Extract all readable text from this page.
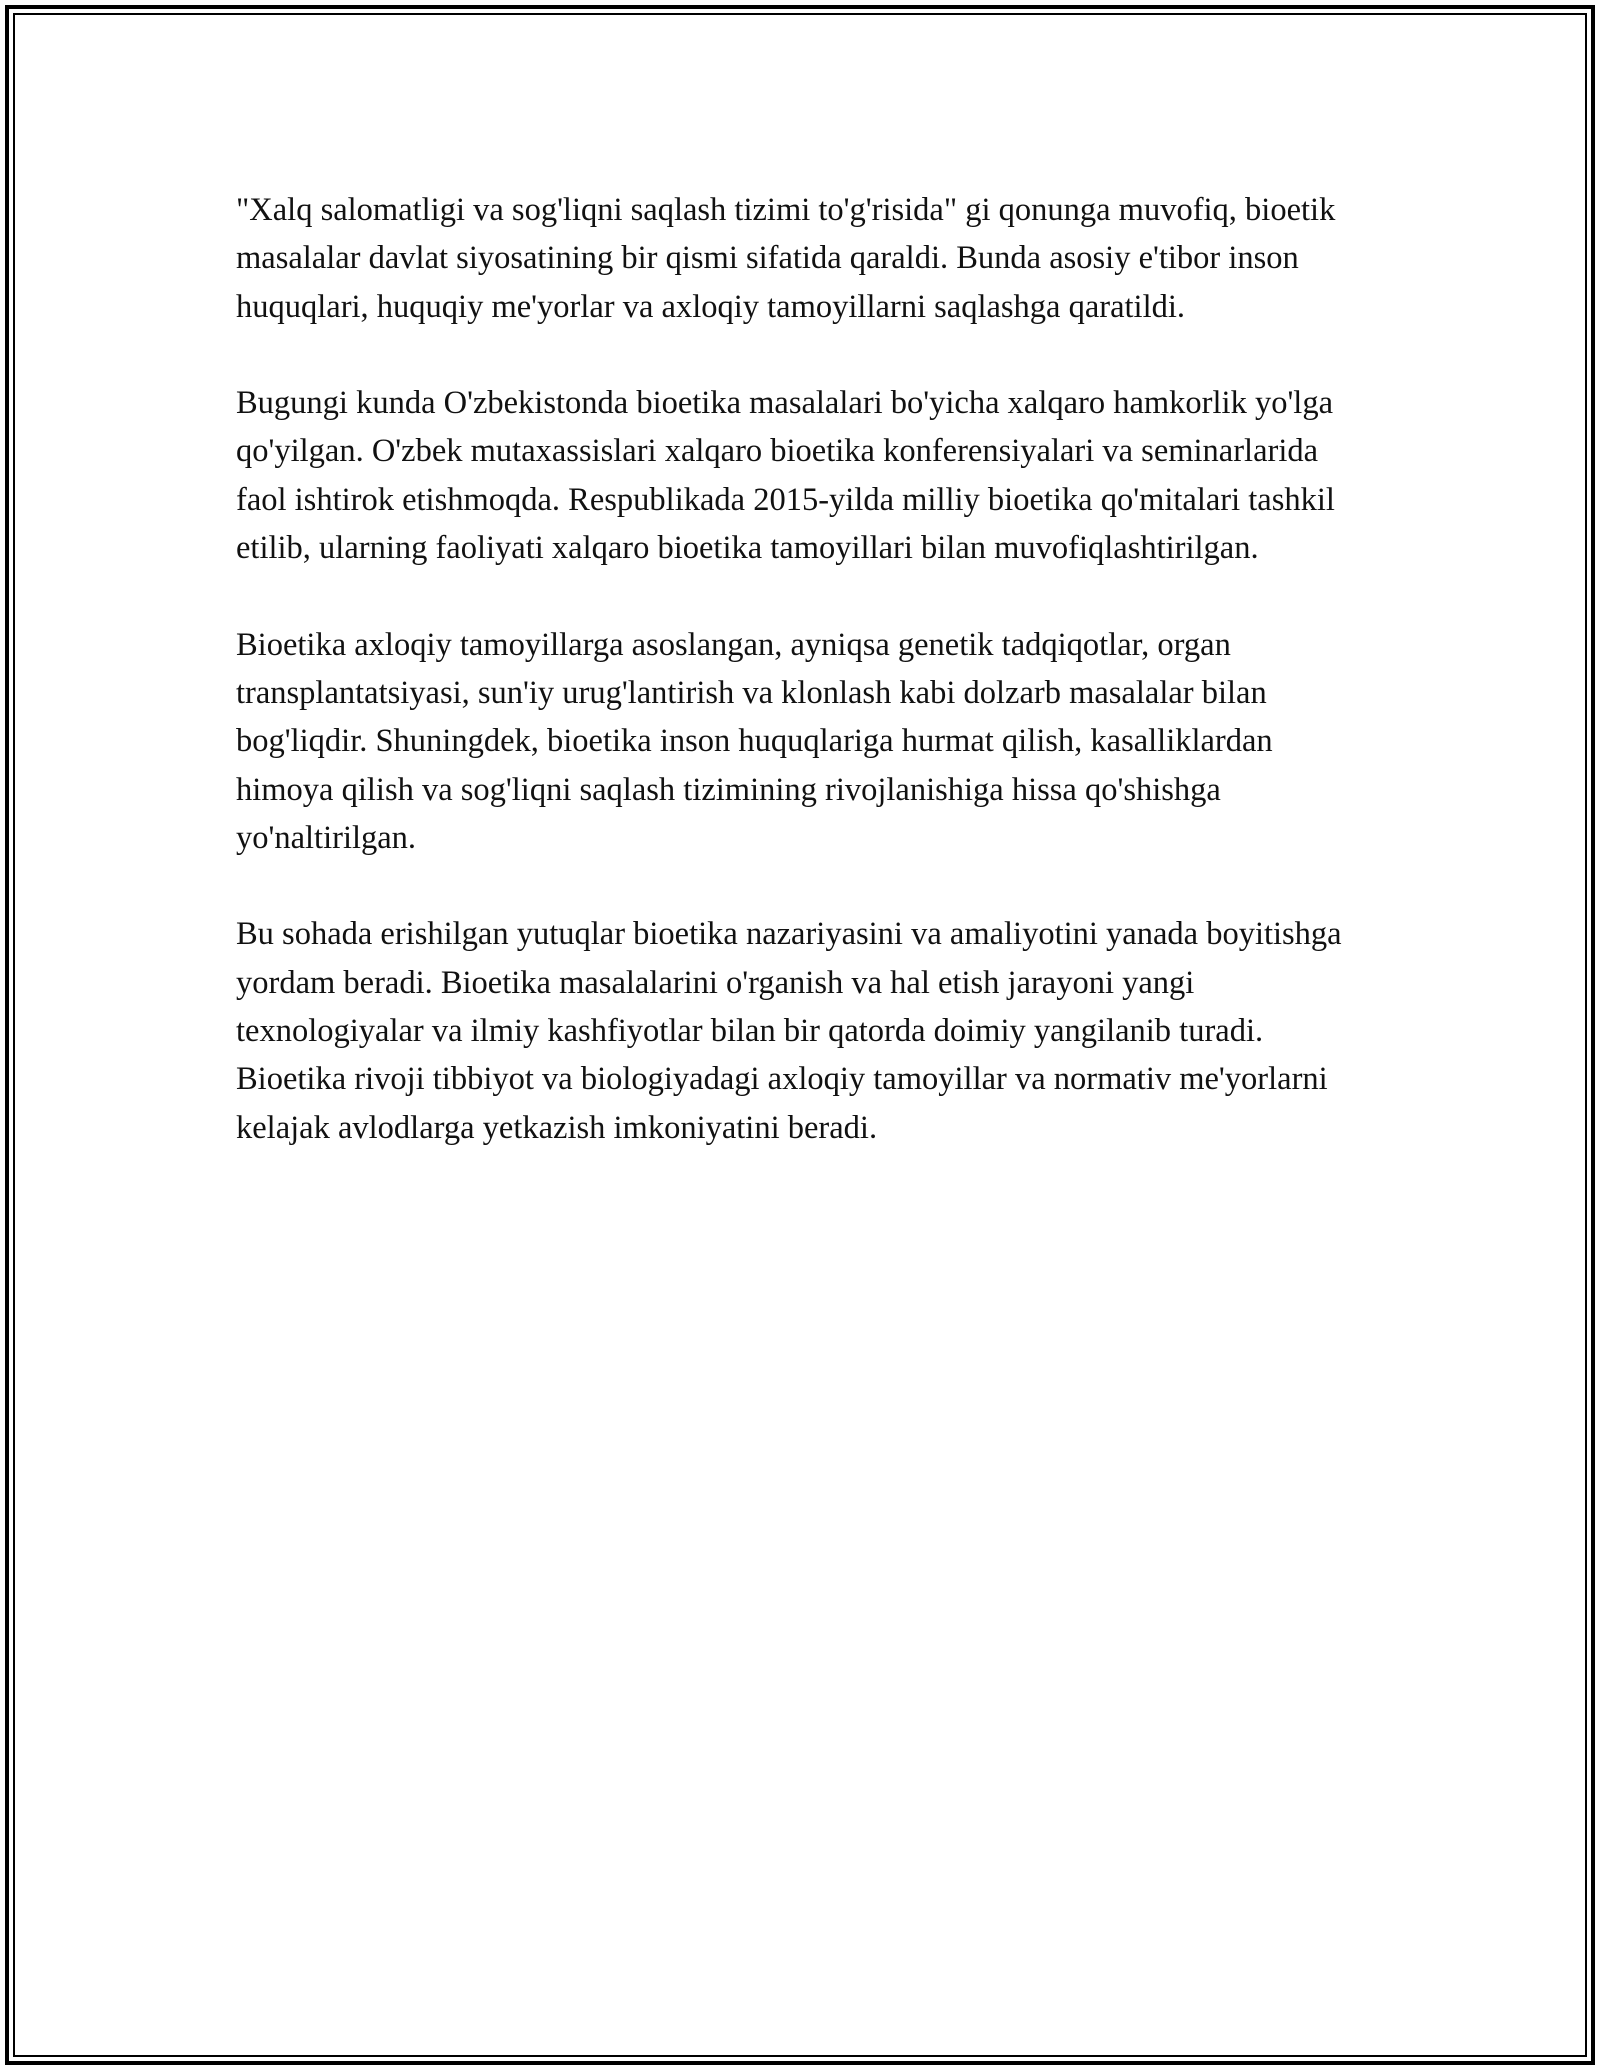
"Xalq salomatligi va sog'liqni saqlash tizimi to'g'risida" gi qonunga muvofiq, bioetik masalalar davlat siyosatining bir qismi sifatida qaraldi. Bunda asosiy e'tibor inson huquqlari, huquqiy me'yorlar va axloqiy tamoyillarni saqlashga qaratildi.

Bugungi kunda O'zbekistonda bioetika masalalari bo'yicha xalqaro hamkorlik yo'lga qo'yilgan. O'zbek mutaxassislari xalqaro bioetika konferensiyalari va seminarlarida faol ishtirok etishmoqda. Respublikada 2015-yilda milliy bioetika qo'mitalari tashkil etilib, ularning faoliyati xalqaro bioetika tamoyillari bilan muvofiqlashtirilgan.

Bioetika axloqiy tamoyillarga asoslangan, ayniqsa genetik tadqiqotlar, organ transplantatsiyasi, sun'iy urug'lantirish va klonlash kabi dolzarb masalalar bilan bog'liqdir. Shuningdek, bioetika inson huquqlariga hurmat qilish, kasalliklardan himoya qilish va sog'liqni saqlash tizimining rivojlanishiga hissa qo'shishga yo'naltirilgan.

Bu sohada erishilgan yutuqlar bioetika nazariyasini va amaliyotini yanada boyitishga yordam beradi. Bioetika masalalarini o'rganish va hal etish jarayoni yangi texnologiyalar va ilmiy kashfiyotlar bilan bir qatorda doimiy yangilanib turadi. Bioetika rivoji tibbiyot va biologiyadagi axloqiy tamoyillar va normativ me'yorlarni kelajak avlodlarga yetkazish imkoniyatini beradi.
